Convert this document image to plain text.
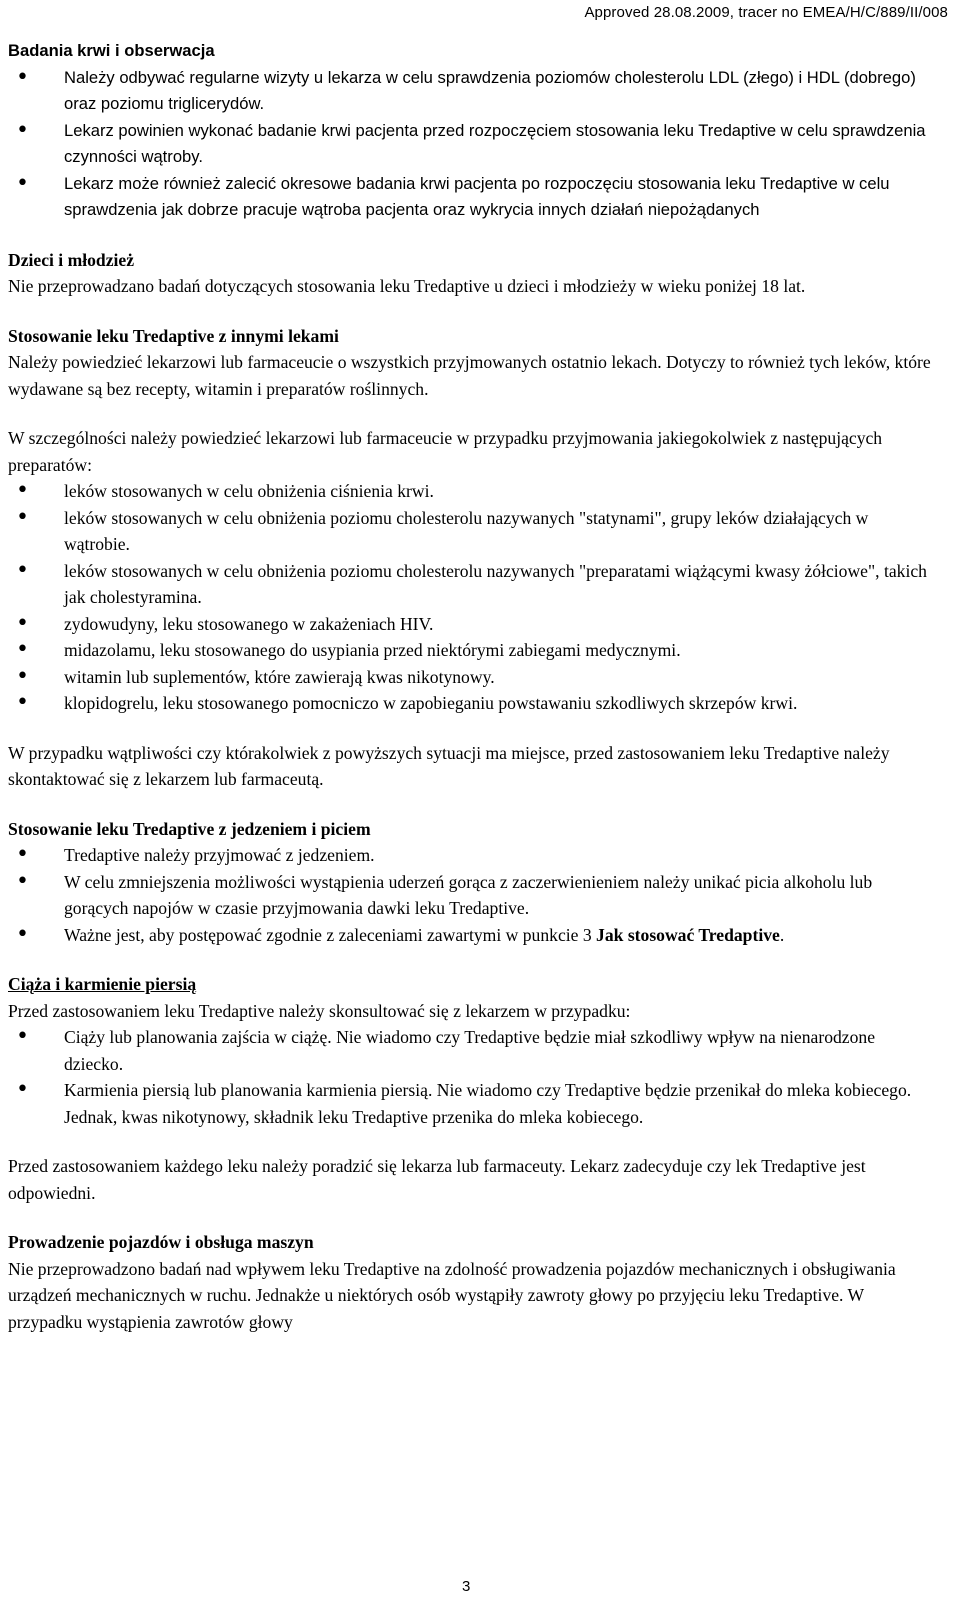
Approved 28.08.2009, tracer no EMEA/H/C/889/II/008
Badania krwi i obserwacja
• Należy odbywać regularne wizyty u lekarza w celu sprawdzenia poziomów cholesterolu LDL (złego) i HDL (dobrego) oraz poziomu triglicerydów.
• Lekarz powinien wykonać badanie krwi pacjenta przed rozpoczęciem stosowania leku Tredaptive w celu sprawdzenia czynności wątroby.
• Lekarz może również zalecić okresowe badania krwi pacjenta po rozpoczęciu stosowania leku Tredaptive w celu sprawdzenia jak dobrze pracuje wątroba pacjenta oraz wykrycia innych działań niepożądanych
Dzieci i młodzież

Nie przeprowadzano badań dotyczących stosowania leku Tredaptive u dzieci i młodzieży w wieku poniżej 18 lat.

Stosowanie leku Tredaptive z innymi lekami

Należy powiedzieć lekarzowi lub farmaceucie o wszystkich przyjmowanych ostatnio lekach. Dotyczy to również tych leków, które wydawane są bez recepty, witamin i preparatów roślinnych.

W szczególności należy powiedzieć lekarzowi lub farmaceucie w przypadku przyjmowania jakiegokolwiek z następujących preparatów:

• leków stosowanych w celu obniżenia ciśnienia krwi.
• leków stosowanych w celu obniżenia poziomu cholesterolu nazywanych "statynami", grupy leków działających w wątrobie.
• leków stosowanych w celu obniżenia poziomu cholesterolu nazywanych "preparatami wiążącymi kwasy żółciowe", takich jak cholestyramina.
• zydowudyny, leku stosowanego w zakażeniach HIV.
• midazolamu, leku stosowanego do usypiania przed niektórymi zabiegami medycznymi.
• witamin lub suplementów, które zawierają kwas nikotynowy.
• klopidogrelu, leku stosowanego pomocniczo w zapobieganiu powstawaniu szkodliwych skrzepów krwi.

W przypadku wątpliwości czy którakolwiek z powyższych sytuacji ma miejsce, przed zastosowaniem leku Tredaptive należy skontaktować się z lekarzem lub farmaceutą.

Stosowanie leku Tredaptive z jedzeniem i piciem
• Tredaptive należy przyjmować z jedzeniem.
• W celu zmniejszenia możliwości wystąpienia uderzeń gorąca z zaczerwienieniem należy unikać picia alkoholu lub gorących napojów w czasie przyjmowania dawki leku Tredaptive.
• Ważne jest, aby postępować zgodnie z zaleceniami zawartymi w punkcie 3 Jak stosować Tredaptive.
Ciąża i karmienie piersią

Przed zastosowaniem leku Tredaptive należy skonsultować się z lekarzem w przypadku:

• Ciąży lub planowania zajścia w ciążę. Nie wiadomo czy Tredaptive będzie miał szkodliwy wpływ na nienarodzone dziecko.
• Karmienia piersią lub planowania karmienia piersią. Nie wiadomo czy Tredaptive będzie przenikał do mleka kobiecego. Jednak, kwas nikotynowy, składnik leku Tredaptive przenika do mleka kobiecego.

Przed zastosowaniem każdego leku należy poradzić się lekarza lub farmaceuty. Lekarz zadecyduje czy lek Tredaptive jest odpowiedni.

Prowadzenie pojazdów i obsługa maszyn

Nie przeprowadzono badań nad wpływem leku Tredaptive na zdolność prowadzenia pojazdów mechanicznych i obsługiwania urządzeń mechanicznych w ruchu. Jednakże u niektórych osób wystąpiły zawroty głowy po przyjęciu leku Tredaptive. W przypadku wystąpienia zawrotów głowy

3
